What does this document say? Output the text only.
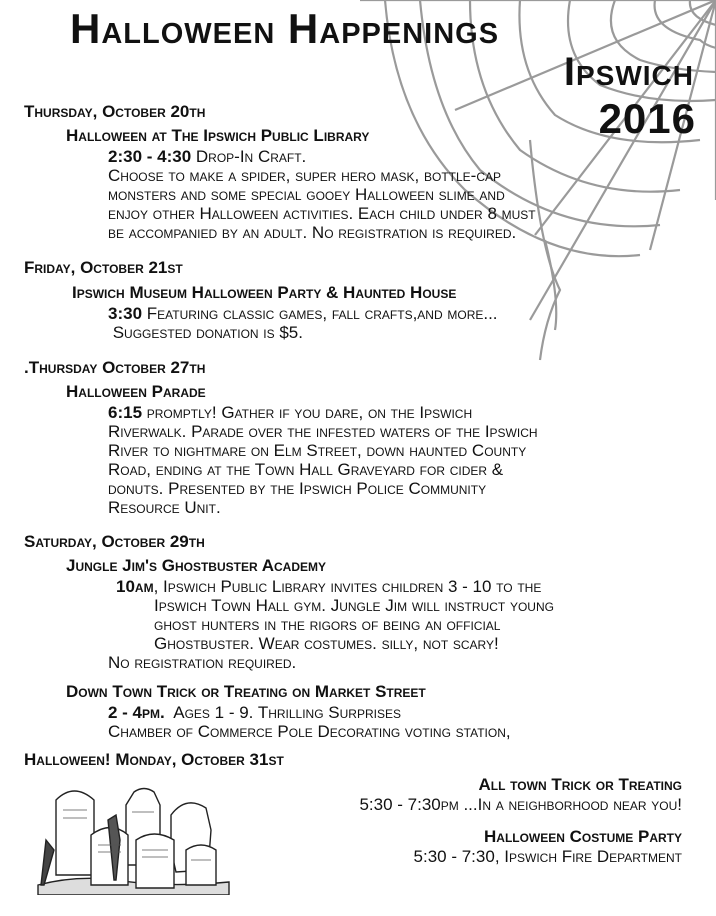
Halloween Happenings
Ipswich
2016

Thursday, October 20th

Halloween at The Ipswich Public Library

2:30 - 4:30 Drop-In Craft.
Choose to make a spider, super hero mask, bottle-cap
monsters and some special gooey Halloween slime and
enjoy other Halloween activities. Each child under 8 must
be accompanied by an adult. No registration is required.

Friday, October 21st

Ipswich Museum Halloween Party & Haunted House

3:30 Featuring classic games, fall crafts,and more...
Suggested donation is $5.

.Thursday October 27th

Halloween Parade

6:15 promptly! Gather if you dare, on the Ipswich
Riverwalk. Parade over the infested waters of the Ipswich
River to nightmare on Elm Street, down haunted County
Road, ending at the Town Hall Graveyard for cider &
donuts. Presented by the Ipswich Police Community
Resource Unit.

Saturday, October 29th

Jungle Jim's Ghostbuster Academy

10am, Ipswich Public Library invites children 3 - 10 to the
Ipswich Town Hall gym. Jungle Jim will instruct young
ghost hunters in the rigors of being an official
Ghostbuster. Wear costumes. silly, not scary!
No registration required.

Down Town Trick or Treating on Market Street

2 - 4pm.  Ages 1 - 9. Thrilling Surprises
Chamber of Commerce Pole Decorating voting station,

Halloween! Monday, October 31st

All town Trick or Treating

5:30 - 7:30pm ...In a neighborhood near you!

Halloween Costume Party

5:30 - 7:30, Ipswich Fire Department
